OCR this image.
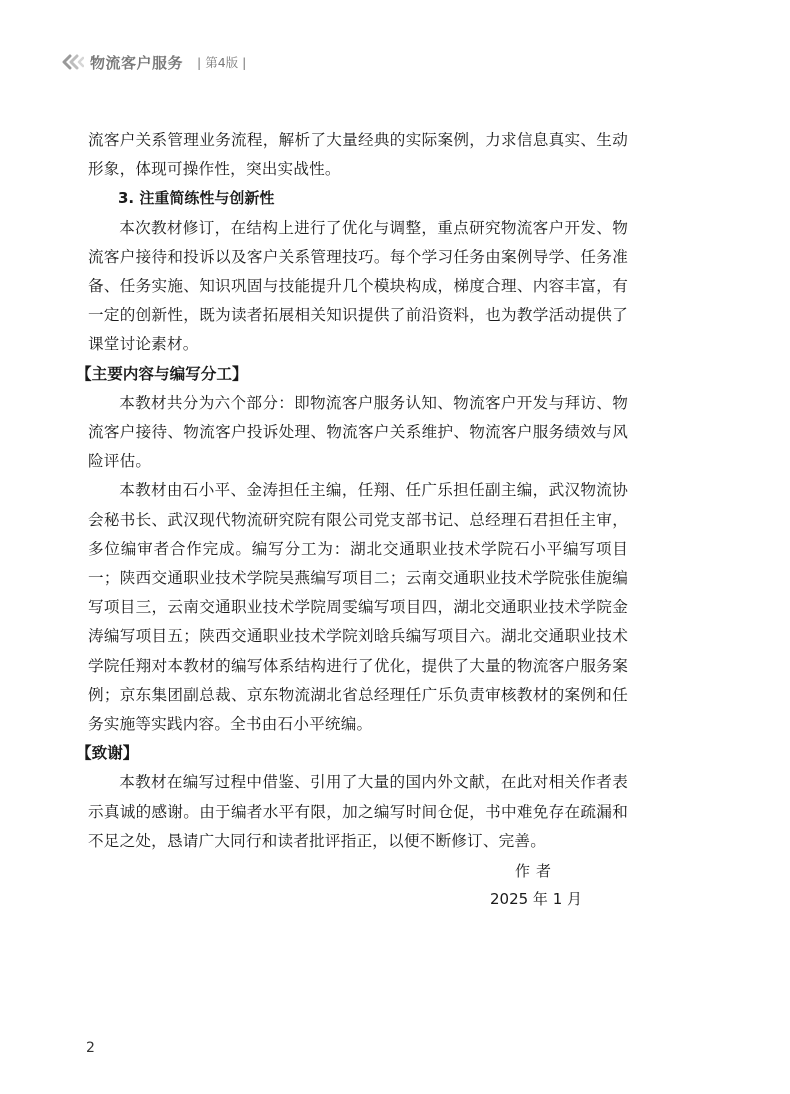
物流客户服务 | 第4版 |

流客户关系管理业务流程，解析了大量经典的实际案例，力求信息真实、生动形象，体现可操作性，突出实战性。

3. 注重简练性与创新性

本次教材修订，在结构上进行了优化与调整，重点研究物流客户开发、物流客户接待和投诉以及客户关系管理技巧。每个学习任务由案例导学、任务准备、任务实施、知识巩固与技能提升几个模块构成，梯度合理、内容丰富，有一定的创新性，既为读者拓展相关知识提供了前沿资料，也为教学活动提供了课堂讨论素材。

【主要内容与编写分工】

本教材共分为六个部分：即物流客户服务认知、物流客户开发与拜访、物流客户接待、物流客户投诉处理、物流客户关系维护、物流客户服务绩效与风险评估。

本教材由石小平、金涛担任主编，任翔、任广乐担任副主编，武汉物流协会秘书长、武汉现代物流研究院有限公司党支部书记、总经理石君担任主审，多位编审者合作完成。编写分工为：湖北交通职业技术学院石小平编写项目一；陕西交通职业技术学院吴燕编写项目二；云南交通职业技术学院张佳旎编写项目三，云南交通职业技术学院周雯编写项目四，湖北交通职业技术学院金涛编写项目五；陕西交通职业技术学院刘晗兵编写项目六。湖北交通职业技术学院任翔对本教材的编写体系结构进行了优化，提供了大量的物流客户服务案例；京东集团副总裁、京东物流湖北省总经理任广乐负责审核教材的案例和任务实施等实践内容。全书由石小平统编。

【致谢】

本教材在编写过程中借鉴、引用了大量的国内外文献，在此对相关作者表示真诚的感谢。由于编者水平有限，加之编写时间仓促，书中难免存在疏漏和不足之处，恳请广大同行和读者批评指正，以便不断修订、完善。

作者
2025 年 1 月
2
